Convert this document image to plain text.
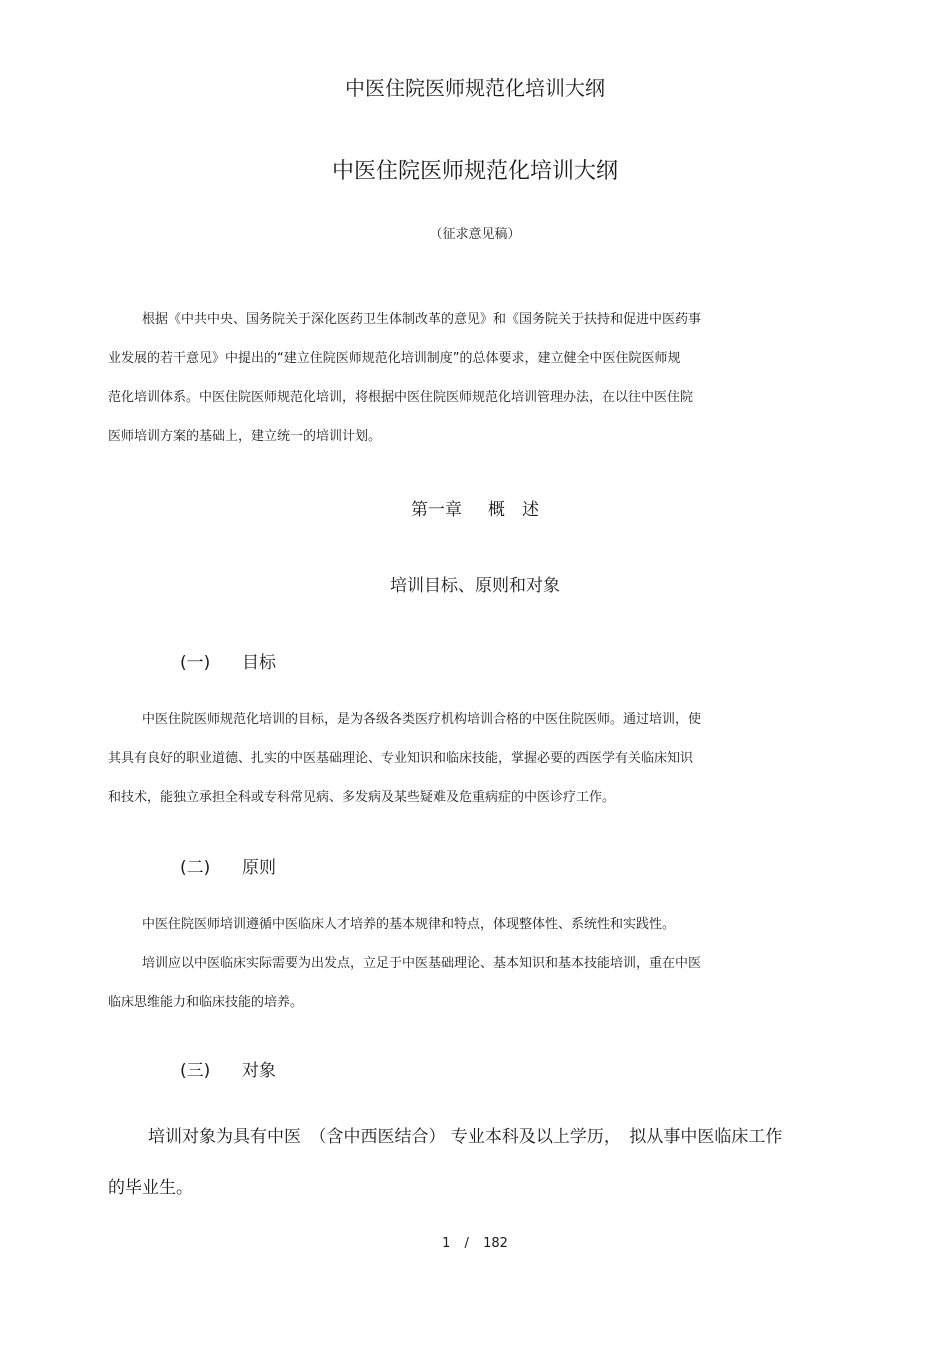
中医住院医师规范化培训大纲
中医住院医师规范化培训大纲
（征求意见稿）
根据《中共中央、国务院关于深化医药卫生体制改革的意见》和《国务院关于扶持和促进中医药事
业发展的若干意见》中提出的“建立住院医师规范化培训制度”的总体要求，建立健全中医住院医师规
范化培训体系。中医住院医师规范化培训，将根据中医住院医师规范化培训管理办法，在以往中医住院
医师培训方案的基础上，建立统一的培训计划。
第一章 概　述
培训目标、原则和对象
(一) 目标
中医住院医师规范化培训的目标，是为各级各类医疗机构培训合格的中医住院医师。通过培训，使
其具有良好的职业道德、扎实的中医基础理论、专业知识和临床技能，掌握必要的西医学有关临床知识
和技术，能独立承担全科或专科常见病、多发病及某些疑难及危重病症的中医诊疗工作。
(二) 原则
中医住院医师培训遵循中医临床人才培养的基本规律和特点，体现整体性、系统性和实践性。
培训应以中医临床实际需要为出发点，立足于中医基础理论、基本知识和基本技能培训，重在中医
临床思维能力和临床技能的培养。
(三) 对象
培训对象为具有中医　（含中西医结合） 专业本科及以上学历，　拟从事中医临床工作
的毕业生。
1 / 182
